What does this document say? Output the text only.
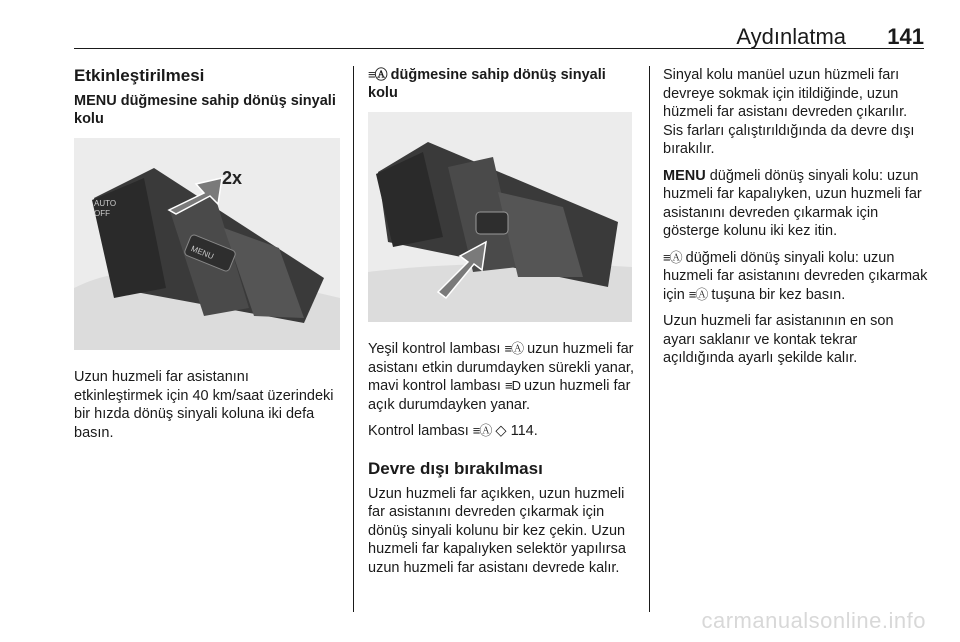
Aydınlatma 141
Etkinleştirilmesi
MENU düğmesine sahip dönüş sinyali kolu
MENU
AUTO
OFF
2x

Uzun huzmeli far asistanını etkinleştirmek için 40 km/saat üzerindeki bir hızda dönüş sinyali koluna iki defa basın.

≡Ⓐ düğmesine sahip dönüş sinyali kolu

Yeşil kontrol lambası ≡Ⓐ uzun huzmeli far asistanı etkin durumdayken sürekli yanar, mavi kontrol lambası ≡D uzun huzmeli far açık durumdayken yanar.

Kontrol lambası ≡Ⓐ ◇ 114.

Devre dışı bırakılması

Uzun huzmeli far açıkken, uzun huzmeli far asistanını devreden çıkarmak için dönüş sinyali kolunu bir kez çekin. Uzun huzmeli far kapalıyken selektör yapılırsa uzun huzmeli far asistanı devrede kalır.

Sinyal kolu manüel uzun hüzmeli farı devreye sokmak için itildiğinde, uzun hüzmeli far asistanı devreden çıkarılır. Sis farları çalıştırıldığında da devre dışı bırakılır.

MENU düğmeli dönüş sinyali kolu: uzun huzmeli far kapalıyken, uzun huzmeli far asistanını devreden çıkarmak için gösterge kolunu iki kez itin.

≡Ⓐ düğmeli dönüş sinyali kolu: uzun huzmeli far asistanını devreden çıkarmak için ≡Ⓐ tuşuna bir kez basın.

Uzun huzmeli far asistanının en son ayarı saklanır ve kontak tekrar açıldığında ayarlı şekilde kalır.

carmanualsonline.info
